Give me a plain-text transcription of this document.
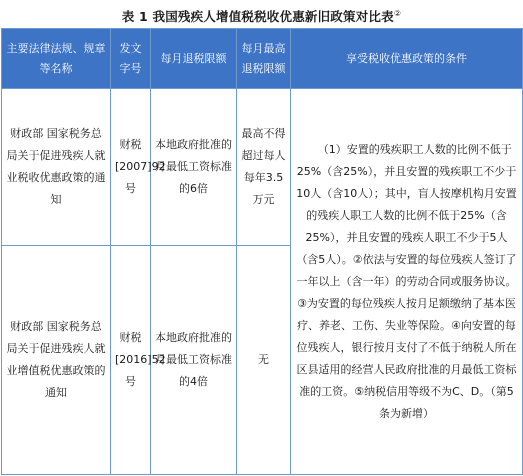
表 1 我国残疾人增值税税收优惠新旧政策对比表②
主要法律法规、规章等名称	发文字号	每月退税限额	每月最高退税限额	享受税收优惠政策的条件
财政部 国家税务总局关于促进残疾人就业税收优惠政策的通知	财税[2007]92号	本地政府批准的月最低工资标准的6倍	最高不得超过每人每年3.5万元	（1）安置的残疾职工人数的比例不低于25%（含25%），并且安置的残疾职工不少于10人（含10人）；其中，盲人按摩机构月安置的残疾人职工人数的比例不低于25%（含25%），并且安置的残疾人职工不少于5人（含5人）。②依法与安置的每位残疾人签订了一年以上（含一年）的劳动合同或服务协议。③为安置的每位残疾人按月足额缴纳了基本医疗、养老、工伤、失业等保险。④向安置的每位残疾人，银行按月支付了不低于纳税人所在区县适用的经营人民政府批准的月最低工资标准的工资。⑤纳税信用等级不为C、D。（第5条为新增）
财政部 国家税务总局关于促进残疾人就业增值税优惠政策的通知	财税[2016]52号	本地政府批准的月最低工资标准的4倍	无	
